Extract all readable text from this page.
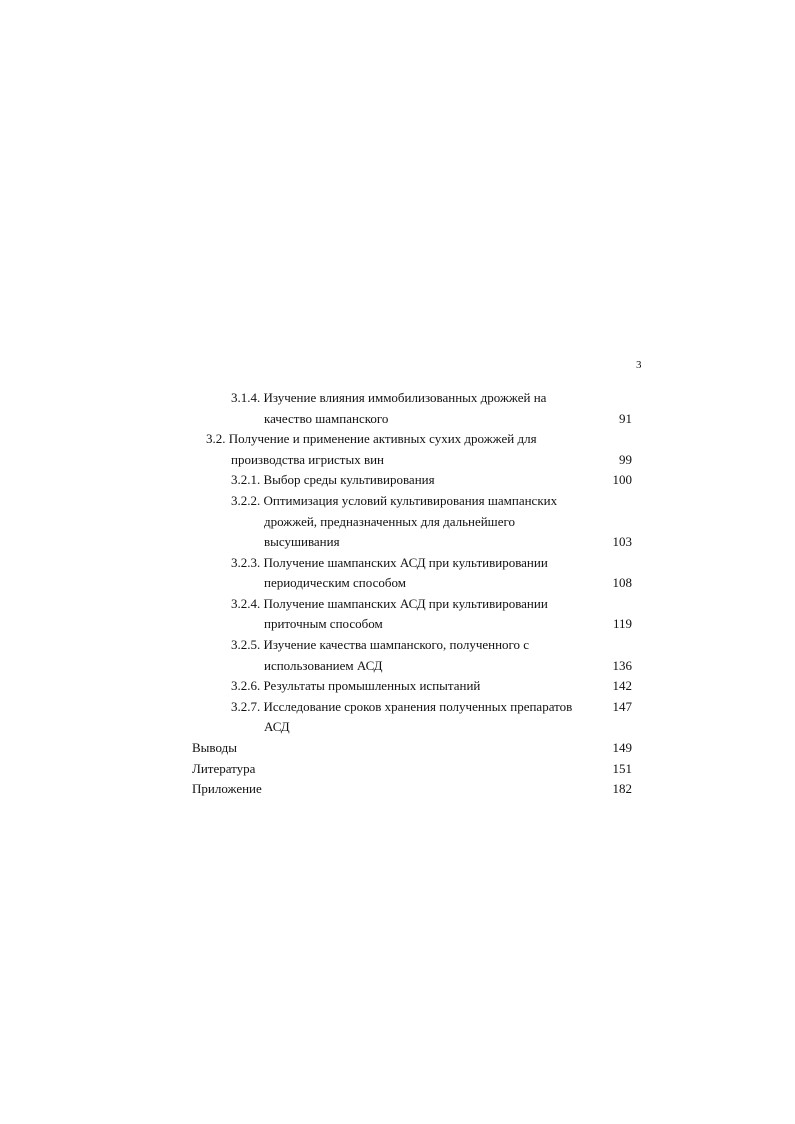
3
3.1.4. Изучение влияния иммобилизованных дрожжей на
качество шампанского	91
3.2. Получение и применение активных сухих дрожжей для
производства игристых вин	99
3.2.1. Выбор среды культивирования	100
3.2.2. Оптимизация условий культивирования шампанских
дрожжей, предназначенных для дальнейшего
высушивания	103
3.2.3. Получение шампанских АСД при культивировании
периодическим способом	108
3.2.4. Получение шампанских АСД при культивировании
приточным способом	119
3.2.5. Изучение качества шампанского, полученного с
использованием АСД	136
3.2.6. Результаты промышленных испытаний	142
3.2.7. Исследование сроков хранения полученных препаратов	147
АСД
Выводы	149
Литература	151
Приложение	182
